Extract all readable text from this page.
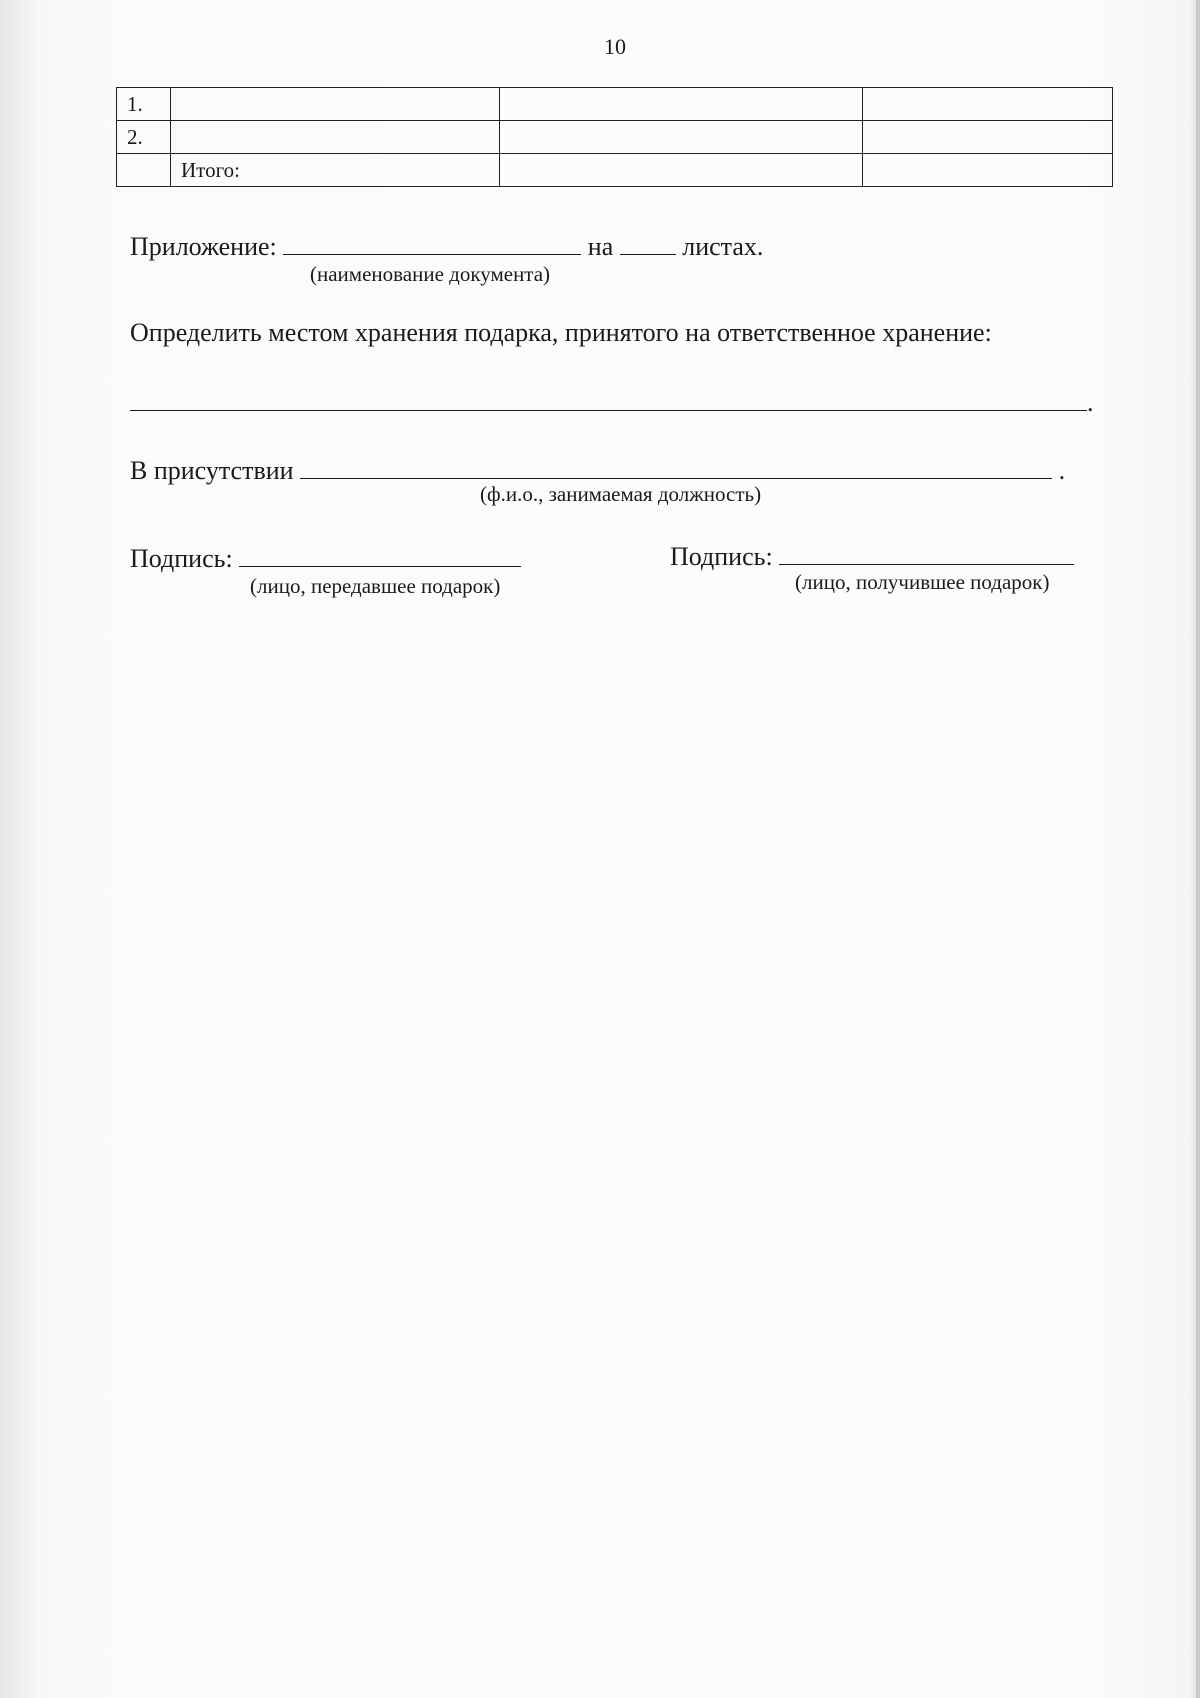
10
1.			
2.			
	Итого:		
Приложение:	на	листах.
(наименование документа)
Определить местом хранения подарка, принятого на ответственное хранение:
.
В присутствии	.
(ф.и.о., занимаемая должность)
Подпись:
(лицо, передавшее подарок)
Подпись:
(лицо, получившее подарок)
